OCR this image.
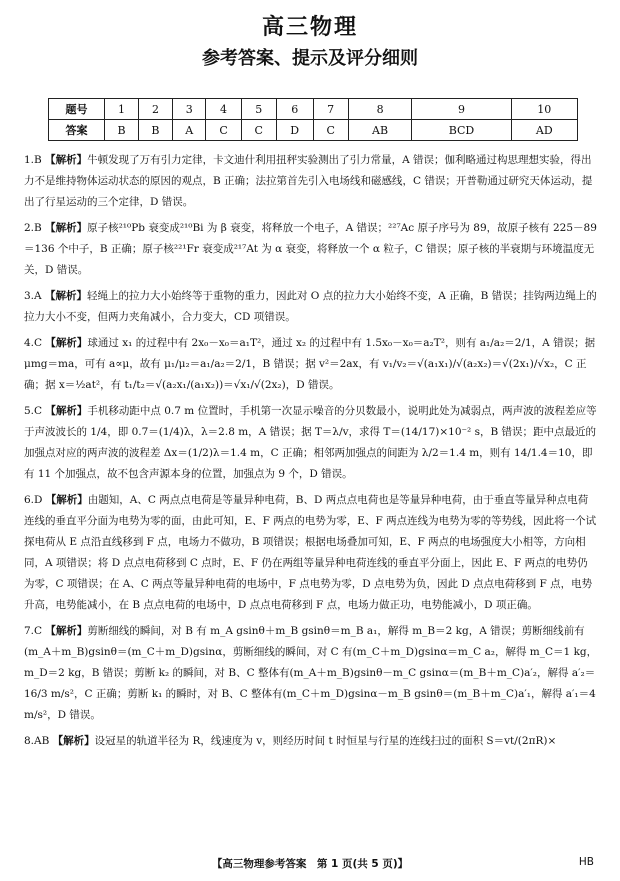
高三物理
参考答案、提示及评分细则
题号	1	2	3	4	5	6	7	8	9	10
答案	B	B	A	C	C	D	C	AB	BCD	AD
1.B 【解析】牛顿发现了万有引力定律，卡文迪什利用扭秤实验测出了引力常量，A 错误；伽利略通过构思理想实验，得出力不是维持物体运动状态的原因的观点，B 正确；法拉第首先引入电场线和磁感线，C 错误；开普勒通过研究天体运动，提出了行星运动的三个定律，D 错误。
2.B 【解析】原子核²¹⁰Pb 衰变成²¹⁰Bi 为 β 衰变，将释放一个电子，A 错误；²²⁷Ac 原子序号为 89，故原子核有 225－89＝136 个中子，B 正确；原子核²²¹Fr 衰变成²¹⁷At 为 α 衰变，将释放一个 α 粒子，C 错误；原子核的半衰期与环境温度无关，D 错误。
3.A 【解析】轻绳上的拉力大小始终等于重物的重力，因此对 O 点的拉力大小始终不变，A 正确，B 错误；挂钩两边绳上的拉力大小不变，但两力夹角减小，合力变大，CD 项错误。
4.C 【解析】球通过 x₁ 的过程中有 2x₀－x₀＝a₁T²，通过 x₂ 的过程中有 1.5x₀－x₀＝a₂T²，则有 a₁/a₂＝2/1，A 错误；据 μmg＝ma，可有 a∝μ，故有 μ₁/μ₂＝a₁/a₂＝2/1，B 错误；据 v²＝2ax，有 v₁/v₂＝√(a₁x₁)/√(a₂x₂)＝√(2x₁)/√x₂，C 正确；据 x＝½at²，有 t₁/t₂＝√(a₂x₁/(a₁x₂))＝√x₁/√(2x₂)，D 错误。
5.C 【解析】手机移动距中点 0.7 m 位置时，手机第一次显示噪音的分贝数最小，说明此处为减弱点，两声波的波程差应等于声波波长的 1/4，即 0.7＝(1/4)λ，λ＝2.8 m，A 错误；据 T＝λ/v，求得 T＝(14/17)×10⁻² s，B 错误；距中点最近的加强点对应的两声波的波程差 Δx＝(1/2)λ＝1.4 m，C 正确；相邻两加强点的间距为 λ/2＝1.4 m，则有 14/1.4＝10，即有 11 个加强点，故不包含声源本身的位置，加强点为 9 个，D 错误。
6.D 【解析】由题知，A、C 两点点电荷是等量异种电荷，B、D 两点点电荷也是等量异种电荷，由于垂直等量异种点电荷连线的垂直平分面为电势为零的面，由此可知，E、F 两点的电势为零，E、F 两点连线为电势为零的等势线，因此将一个试探电荷从 E 点沿直线移到 F 点，电场力不做功，B 项错误；根据电场叠加可知，E、F 两点的电场强度大小相等，方向相同，A 项错误；将 D 点点电荷移到 C 点时，E、F 仍在两组等量异种电荷连线的垂直平分面上，因此 E、F 两点的电势仍为零，C 项错误；在 A、C 两点等量异种电荷的电场中，F 点电势为零，D 点电势为负，因此 D 点点电荷移到 F 点，电势升高，电势能减小，在 B 点点电荷的电场中，D 点点电荷移到 F 点，电场力做正功，电势能减小，D 项正确。
7.C 【解析】剪断细线的瞬间，对 B 有 m_A gsinθ＋m_B gsinθ＝m_B a₁，解得 m_B＝2 kg，A 错误；剪断细线前有(m_A＋m_B)gsinθ＝(m_C＋m_D)gsinα，剪断细线的瞬间，对 C 有(m_C＋m_D)gsinα＝m_C a₂，解得 m_C＝1 kg，m_D＝2 kg，B 错误；剪断 k₂ 的瞬间，对 B、C 整体有(m_A＋m_B)gsinθ－m_C gsinα＝(m_B＋m_C)a′₂，解得 a′₂＝16/3 m/s²，C 正确；剪断 k₁ 的瞬时，对 B、C 整体有(m_C＋m_D)gsinα－m_B gsinθ＝(m_B＋m_C)a′₁，解得 a′₁＝4 m/s²，D 错误。
8.AB 【解析】设冠星的轨道半径为 R，线速度为 v，则经历时间 t 时恒星与行星的连线扫过的面积 S＝vt/(2πR)×
【高三物理参考答案　第 1 页(共 5 页)】	HB
